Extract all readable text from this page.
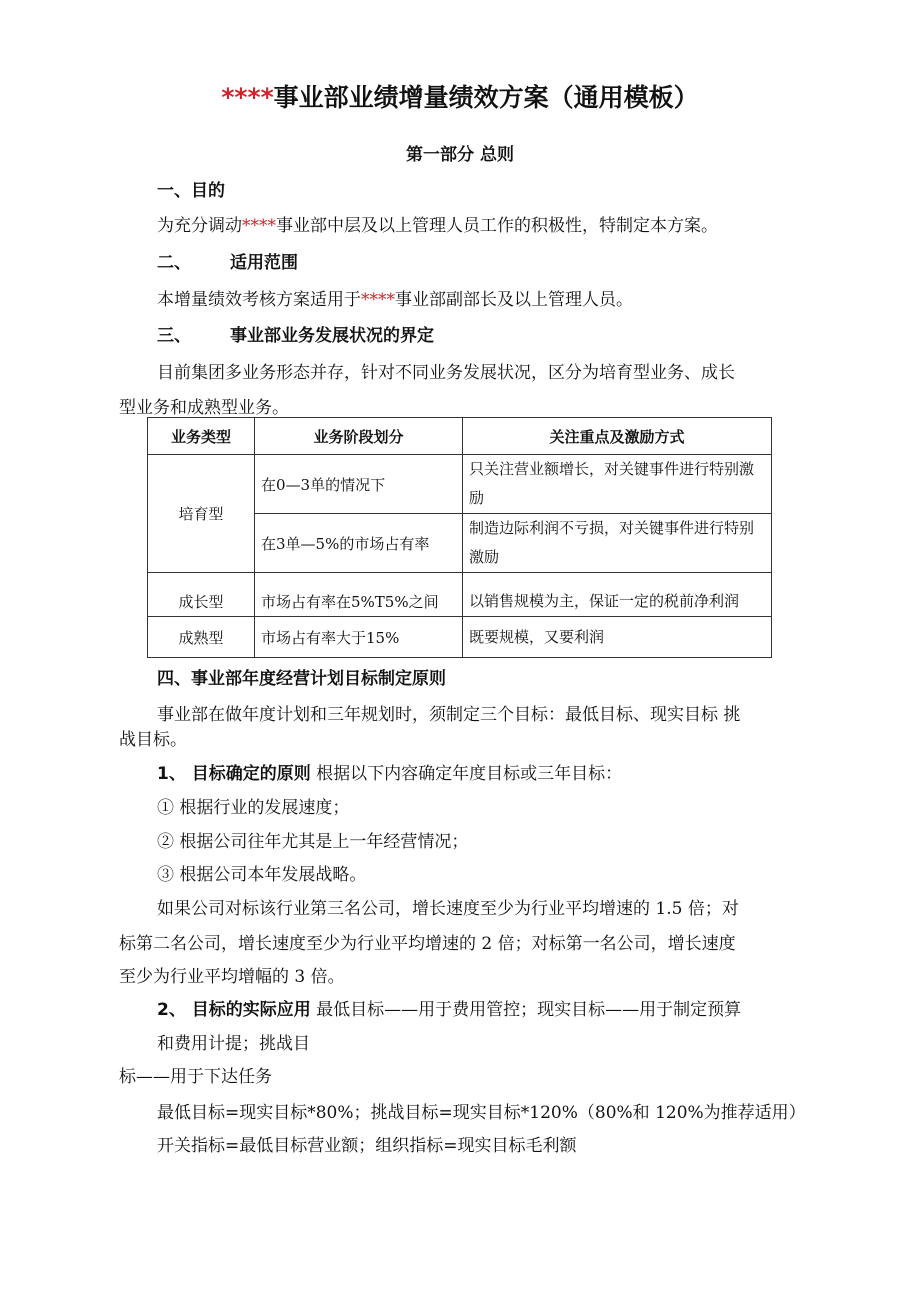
****事业部业绩增量绩效方案（通用模板）
第一部分 总则
一、目的
为充分调动****事业部中层及以上管理人员工作的积极性，特制定本方案。
二、 适用范围
本增量绩效考核方案适用于****事业部副部长及以上管理人员。
三、 事业部业务发展状况的界定
目前集团多业务形态并存，针对不同业务发展状况，区分为培育型业务、成长
型业务和成熟型业务。
业务类型	业务阶段划分	关注重点及激励方式
培育型	在0—3单的情况下	只关注营业额增长，对关键事件进行特别激励
	在3单—5%的市场占有率	制造边际利润不亏损，对关键事件进行特别激励
成长型	市场占有率在5%T5%之间	以销售规模为主，保证一定的税前净利润
成熟型	市场占有率大于15%	既要规模，又要利润
四、事业部年度经营计划目标制定原则
事业部在做年度计划和三年规划时，须制定三个目标：最低目标、现实目标 挑
战目标。
1、 目标确定的原则 根据以下内容确定年度目标或三年目标：
① 根据行业的发展速度；
② 根据公司往年尤其是上一年经营情况；
③ 根据公司本年发展战略。
如果公司对标该行业第三名公司，增长速度至少为行业平均增速的 1.5 倍；对
标第二名公司，增长速度至少为行业平均增速的 2 倍；对标第一名公司，增长速度
至少为行业平均增幅的 3 倍。
2、 目标的实际应用 最低目标——用于费用管控；现实目标——用于制定预算
和费用计提；挑战目
标——用于下达任务
最低目标=现实目标*80%；挑战目标=现实目标*120%（80%和 120%为推荐适用）
开关指标=最低目标营业额；组织指标=现实目标毛利额
